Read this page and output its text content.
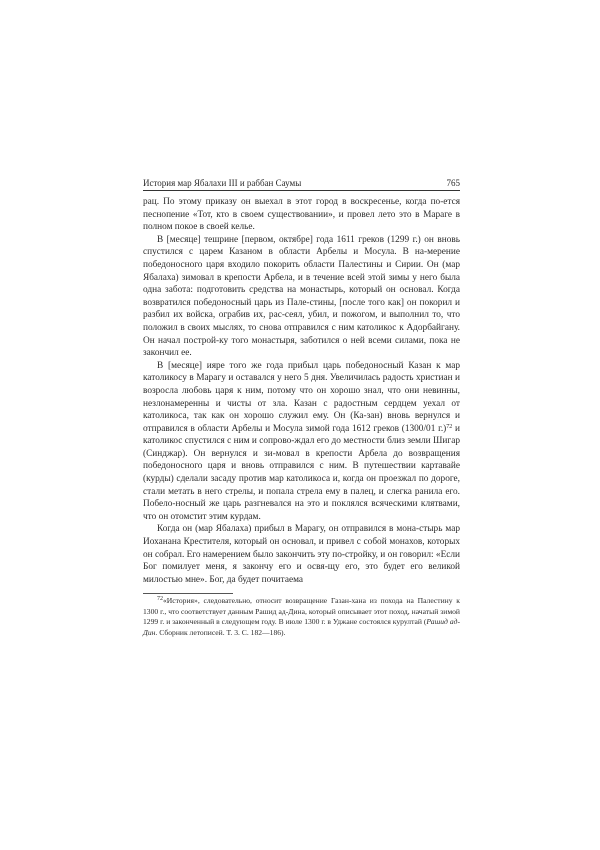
История мар Ябалахи III и раббан Саумы	765

рац. По этому приказу он выехал в этот город в воскресенье, когда по-ется песнопение «Тот, кто в своем существовании», и провел лето это в Мараге в полном покое в своей келье.

В [месяце] тешрине [первом, октябре] года 1611 греков (1299 г.) он вновь спустился с царем Казаном в области Арбелы и Мосула. В на-мерение победоносного царя входило покорить области Палестины и Сирии. Он (мар Ябалаха) зимовал в крепости Арбела, и в течение всей этой зимы у него была одна забота: подготовить средства на монастырь, который он основал. Когда возвратился победоносный царь из Пале-стины, [после того как] он покорил и разбил их войска, ограбив их, рас-сеял, убил, и пожогом, и выполнил то, что положил в своих мыслях, то снова отправился с ним католикос к Адорбайгану. Он начал построй-ку того монастыря, заботился о ней всеми силами, пока не закончил ее.

В [месяце] ияре того же года прибыл царь победоносный Казан к мар католикосу в Марагу и оставался у него 5 дня. Увеличилась радость христиан и возросла любовь царя к ним, потому что он хорошо знал, что они невинны, незлонамеренны и чисты от зла. Казан с радостным сердцем уехал от католикоса, так как он хорошо служил ему. Он (Ка-зан) вновь вернулся и отправился в области Арбелы и Мосула зимой года 1612 греков (1300/01 г.)$^{72}$ и католикос спустился с ним и сопрово-ждал его до местности близ земли Шигар (Синджар). Он вернулся и зи-мовал в крепости Арбела до возвращения победоносного царя и вновь отправился с ним. В путешествии картавайе (курды) сделали засаду против мар католикоса и, когда он проезжал по дороге, стали метать в него стрелы, и попала стрела ему в палец, и слегка ранила его. Побело-носный же царь разгневался на это и поклялся всяческими клятвами, что он отомстит этим курдам.

Когда он (мар Ябалаха) прибыл в Марагу, он отправился в мона-стырь мар Иоханана Крестителя, который он основал, и привел с собой монахов, которых он собрал. Его намерением было закончить эту по-стройку, и он говорил: «Если Бог помилует меня, я закончу его и освя-щу его, это будет его великой милостью мне». Бог, да будет почитаема

$^{72}$«История», следовательно, относит возвращение Газан-хана из похода на Палестину к 1300 г., что соответствует данным Рашид ад-Дина, который описывает этот поход, начатый зимой 1299 г. и законченный в следующем году. В июле 1300 г. в Уджане состоялся курултай (Рашид ад-Дин. Сборник летописей. Т. 3. С. 182—186).
